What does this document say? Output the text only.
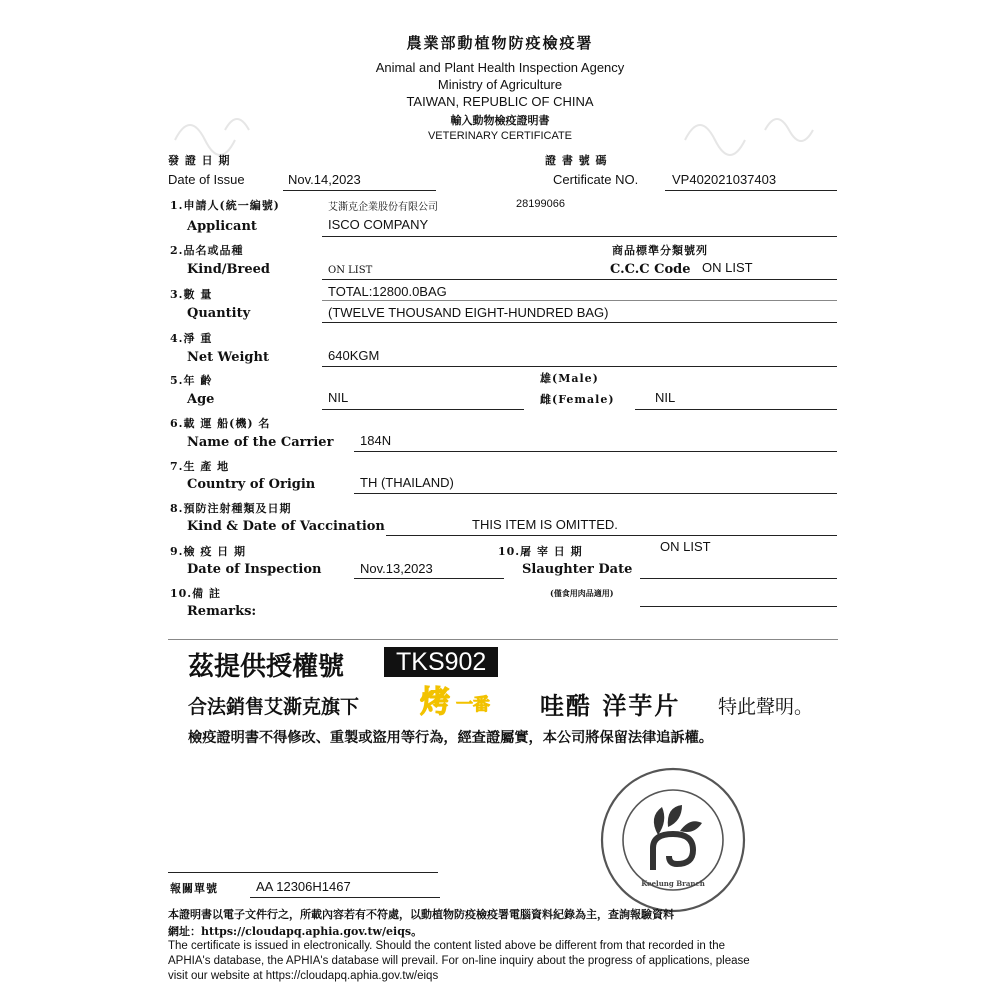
農業部動植物防疫檢疫署
Animal and Plant Health Inspection Agency
Ministry of Agriculture
TAIWAN, REPUBLIC OF CHINA
輸入動物檢疫證明書
VETERINARY CERTIFICATE
發 證 日 期
Date of Issue	Nov.14,2023
證 書 號 碼
Certificate NO.	VP402021037403
1.申請人(統一編號)	艾澌克企業股份有限公司	28199066
Applicant	ISCO COMPANY
2.品名或品種	商品標準分類號列
Kind/Breed	ON LIST	C.C.C Code ON LIST
3.數 量	TOTAL:12800.0BAG
Quantity	(TWELVE THOUSAND EIGHT-HUNDRED BAG)
4.淨 重
Net Weight	640KGM
5.年 齡	雄(Male)
Age	NIL	雌(Female)	NIL
6.載 運 船(機) 名
Name of the Carrier 184N
7.生 產 地
Country of Origin	TH (THAILAND)
8.預防注射種類及日期
Kind & Date of Vaccination	THIS ITEM IS OMITTED.
9.檢 疫 日 期	10.屠 宰 日 期	ON LIST
Date of Inspection	Nov.13,2023	Slaughter Date
10.備 註	(僅食用肉品適用)
Remarks:
茲提供授權號	TKS902
合法銷售艾澌克旗下 烤 一番 哇酷 洋芋片 特此聲明。
檢疫證明書不得修改、重製或盜用等行為，經查證屬實，本公司將保留法律追訴權。
Keelung Branch
報關單號	AA 12306H1467
本證明書以電子文件行之，所載內容若有不符處，以動植物防疫檢疫署電腦資料紀錄為主，查詢報驗資料
網址：https://cloudapq.aphia.gov.tw/eiqs。
The certificate is issued in electronically. Should the content listed above be different from that recorded in the
APHIA's database, the APHIA's database will prevail. For on-line inquiry about the progress of applications, please
visit our website at https://cloudapq.aphia.gov.tw/eiqs
